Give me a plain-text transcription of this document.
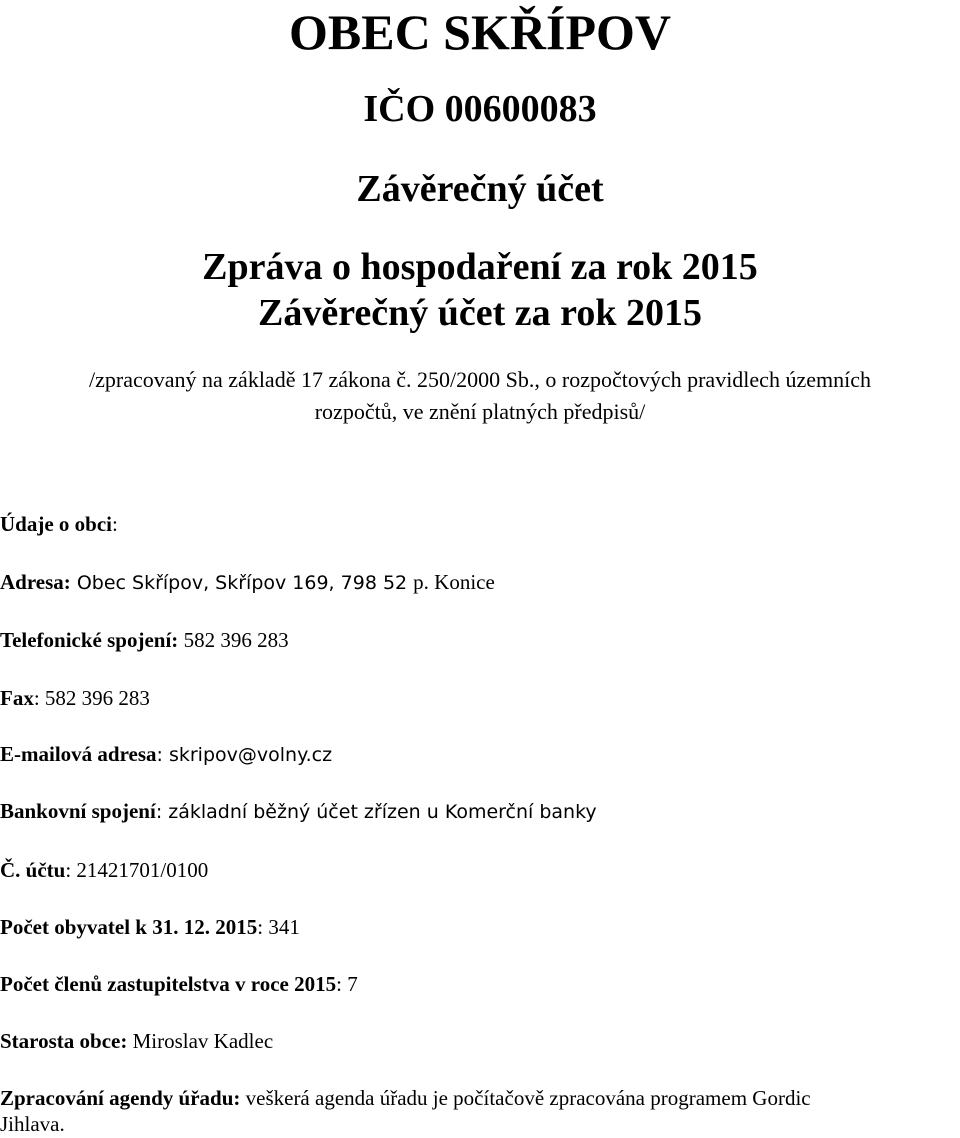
OBEC SKŘÍPOV
IČO 00600083
Závěrečný účet
Zpráva o hospodaření za rok 2015
Závěrečný účet za rok 2015
/zpracovaný na základě 17 zákona č. 250/2000 Sb., o rozpočtových pravidlech územních
rozpočtů, ve znění platných předpisů/
Údaje o obci:
Adresa: Obec Skřípov, Skřípov 169, 798 52 p. Konice
Telefonické spojení: 582 396 283
Fax: 582 396 283
E-mailová adresa: skripov@volny.cz
Bankovní spojení: základní běžný účet zřízen u Komerční banky
Č. účtu: 21421701/0100
Počet obyvatel k 31. 12. 2015: 341
Počet členů zastupitelstva v roce 2015: 7
Starosta obce: Miroslav Kadlec
Zpracování agendy úřadu: veškerá agenda úřadu je počítačově zpracována programem Gordic
Jihlava.
